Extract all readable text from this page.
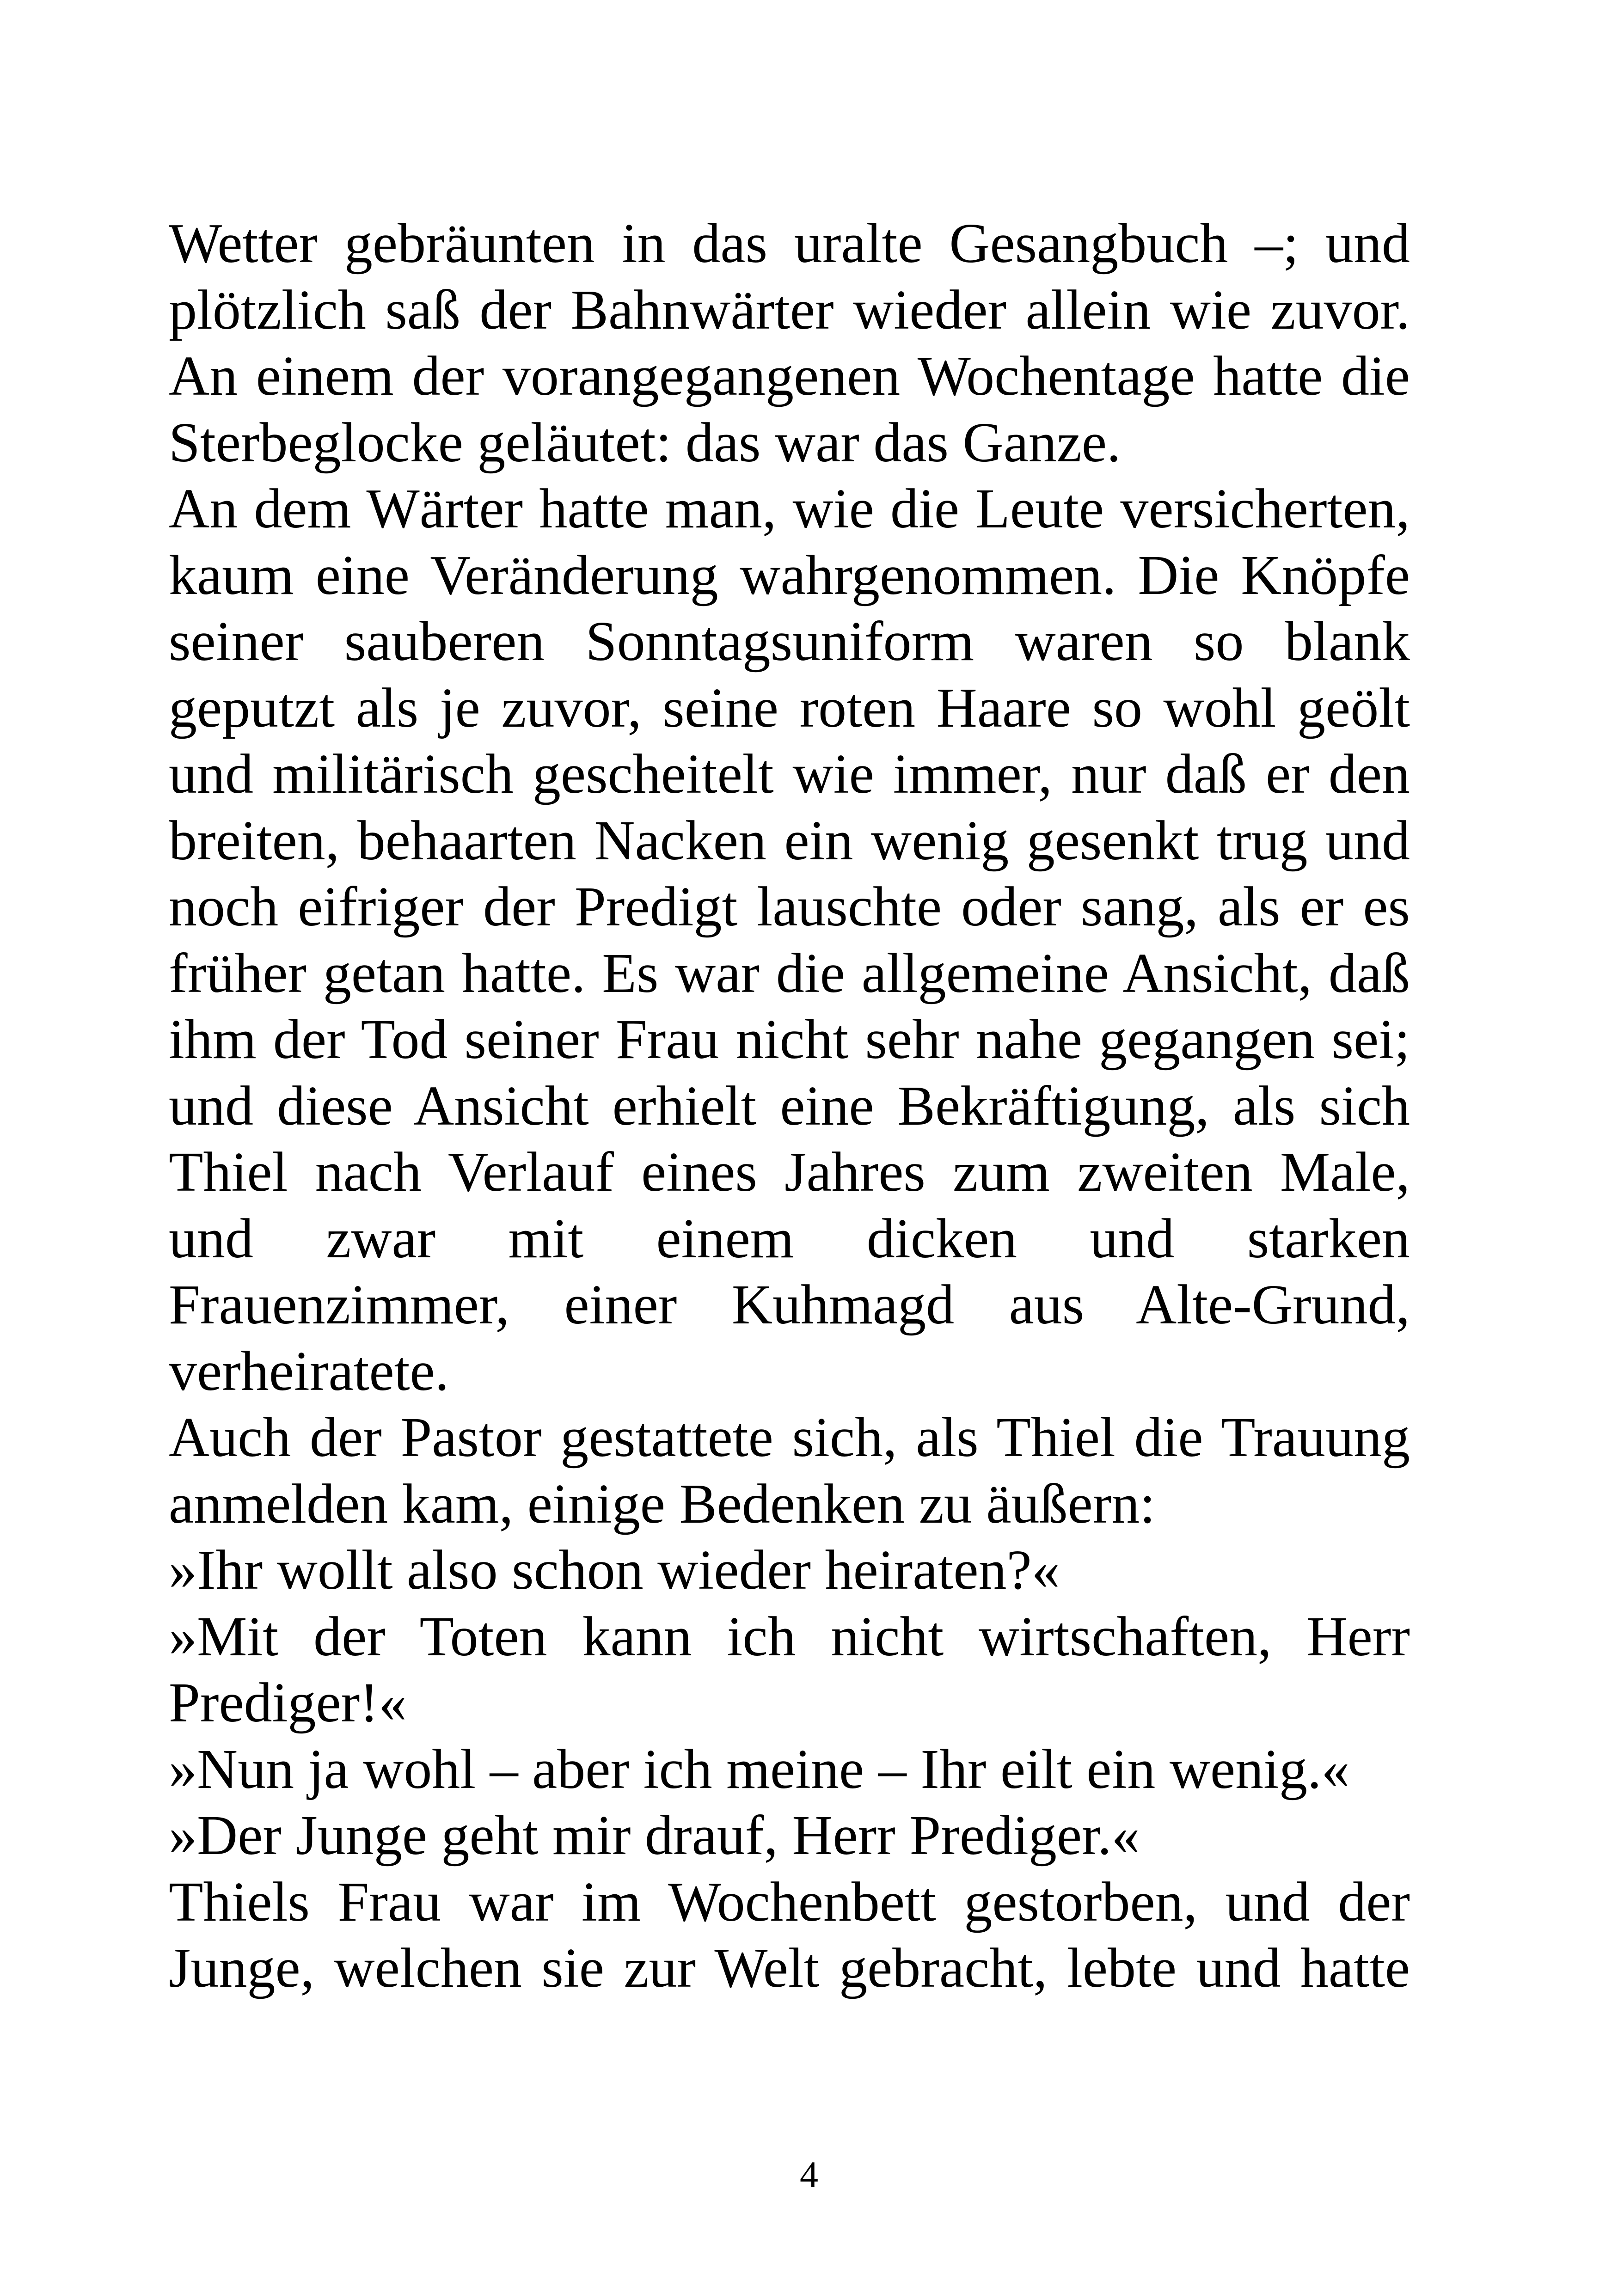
Wetter gebräunten in das uralte Gesangbuch –; und plötzlich saß der Bahnwärter wieder allein wie zuvor. An einem der vorangegangenen Wochentage hatte die Sterbeglocke geläutet: das war das Ganze.

An dem Wärter hatte man, wie die Leute versicherten, kaum eine Veränderung wahrgenommen. Die Knöpfe seiner sauberen Sonntagsuniform waren so blank geputzt als je zuvor, seine roten Haare so wohl geölt und militärisch gescheitelt wie immer, nur daß er den breiten, behaarten Nacken ein wenig gesenkt trug und noch eifriger der Predigt lauschte oder sang, als er es früher getan hatte. Es war die allgemeine Ansicht, daß ihm der Tod seiner Frau nicht sehr nahe gegangen sei; und diese Ansicht erhielt eine Bekräftigung, als sich Thiel nach Verlauf eines Jahres zum zweiten Male, und zwar mit einem dicken und starken Frauenzimmer, einer Kuhmagd aus Alte-Grund, verheiratete.

Auch der Pastor gestattete sich, als Thiel die Trauung anmelden kam, einige Bedenken zu äußern:

»Ihr wollt also schon wieder heiraten?«

»Mit der Toten kann ich nicht wirtschaften, Herr Prediger!«

»Nun ja wohl – aber ich meine – Ihr eilt ein wenig.«

»Der Junge geht mir drauf, Herr Prediger.«

Thiels Frau war im Wochenbett gestorben, und der Junge, welchen sie zur Welt gebracht, lebte und hatte

4
